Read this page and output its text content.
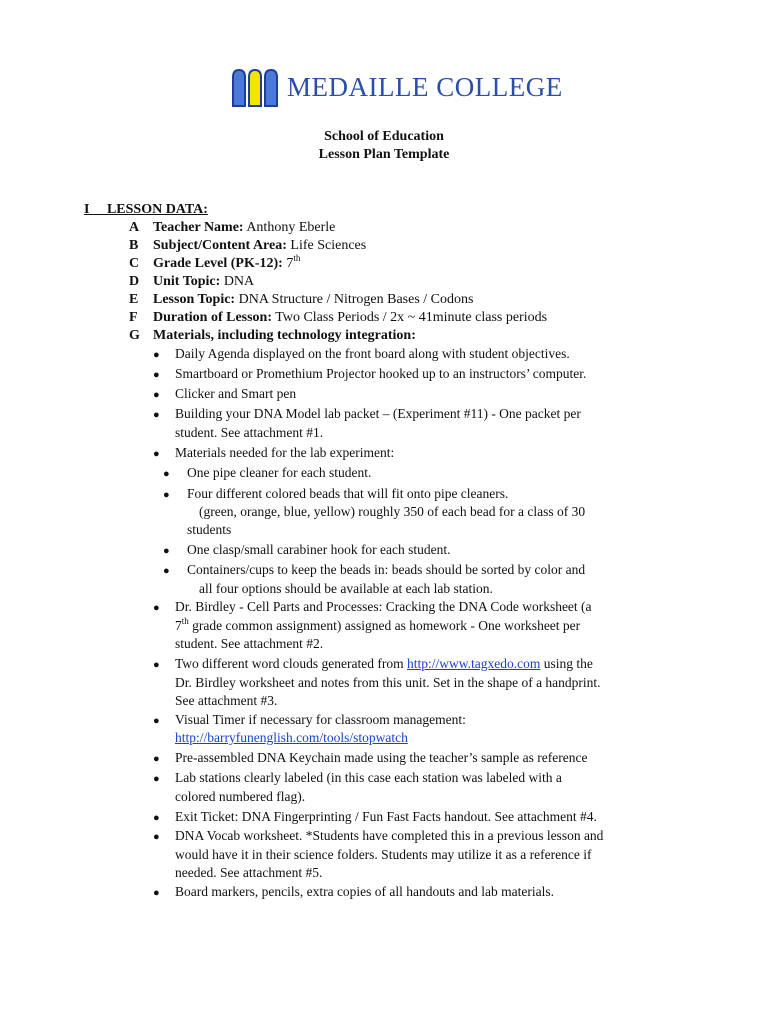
MEDAILLE COLLEGE
School of Education
Lesson Plan Template
I     LESSON DATA:
A Teacher Name: Anthony Eberle
B Subject/Content Area: Life Sciences
C Grade Level (PK-12): 7th
D Unit Topic: DNA
E Lesson Topic: DNA Structure / Nitrogen Bases / Codons
F Duration of Lesson: Two Class Periods / 2x ~ 41minute class periods
G Materials, including technology integration:
● Daily Agenda displayed on the front board along with student objectives.
● Smartboard or Promethium Projector hooked up to an instructors’ computer.
● Clicker and Smart pen
● Building your DNA Model lab packet – (Experiment #11) - One packet per
student. See attachment #1.
● Materials needed for the lab experiment:
● One pipe cleaner for each student.
● Four different colored beads that will fit onto pipe cleaners.
(green, orange, blue, yellow) roughly 350 of each bead for a class of 30
students
● One clasp/small carabiner hook for each student.
● Containers/cups to keep the beads in: beads should be sorted by color and
all four options should be available at each lab station.
● Dr. Birdley - Cell Parts and Processes: Cracking the DNA Code worksheet (a
7th grade common assignment) assigned as homework - One worksheet per
student. See attachment #2.
● Two different word clouds generated from http://www.tagxedo.com using the
Dr. Birdley worksheet and notes from this unit. Set in the shape of a handprint.
See attachment #3.
● Visual Timer if necessary for classroom management:
http://barryfunenglish.com/tools/stopwatch
● Pre-assembled DNA Keychain made using the teacher’s sample as reference
● Lab stations clearly labeled (in this case each station was labeled with a
colored numbered flag).
● Exit Ticket: DNA Fingerprinting / Fun Fast Facts handout. See attachment #4.
● DNA Vocab worksheet. *Students have completed this in a previous lesson and
would have it in their science folders. Students may utilize it as a reference if
needed. See attachment #5.
● Board markers, pencils, extra copies of all handouts and lab materials.
